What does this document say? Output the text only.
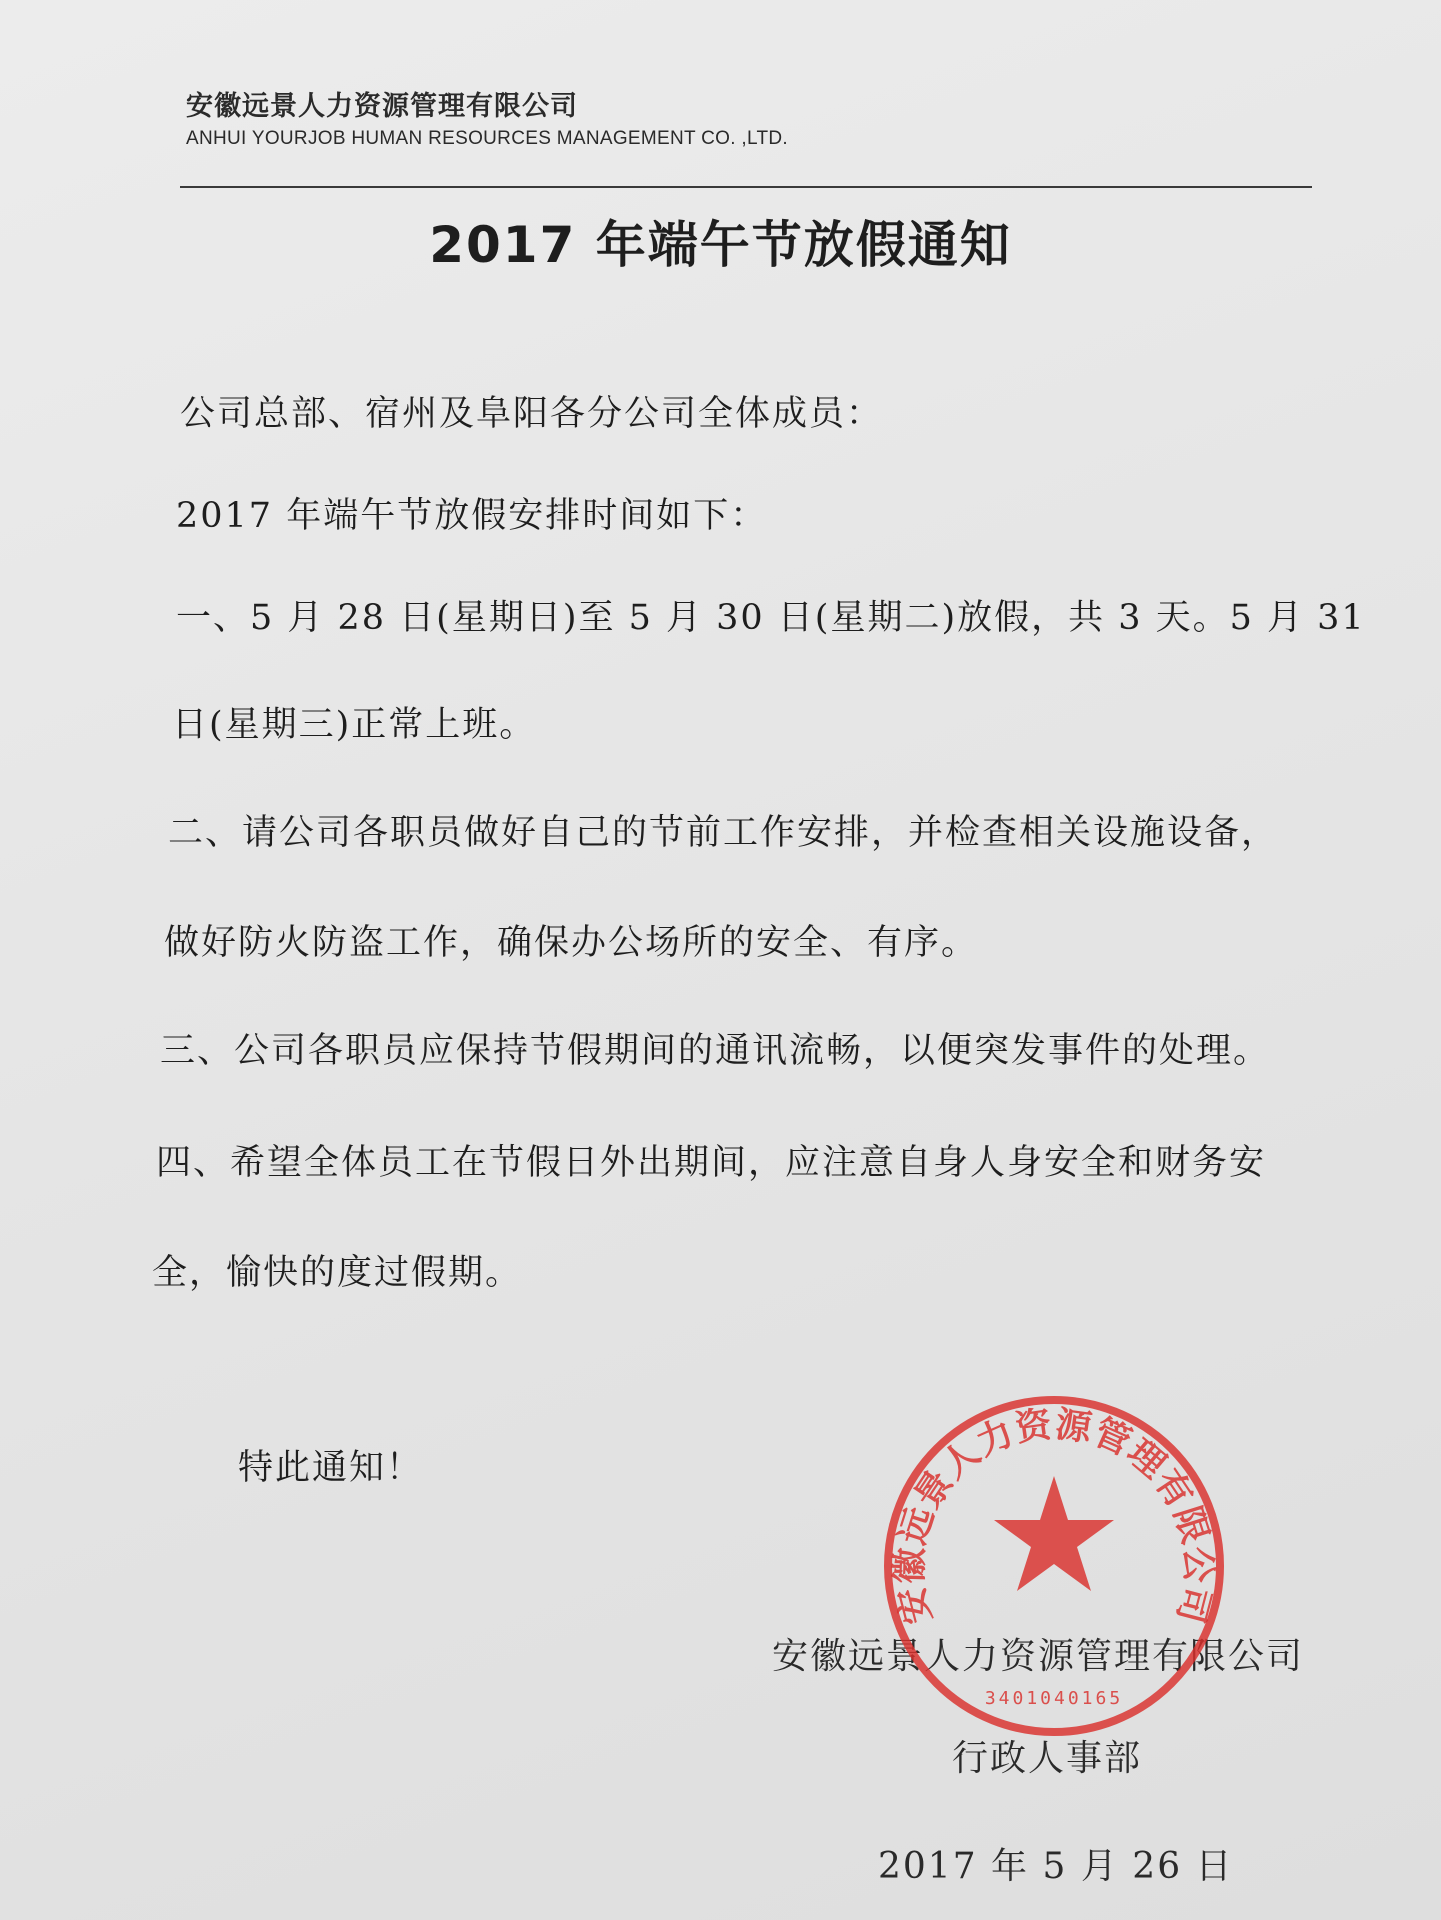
安徽远景人力资源管理有限公司
ANHUI YOURJOB HUMAN RESOURCES MANAGEMENT CO. ,LTD.
2017 年端午节放假通知
公司总部、宿州及阜阳各分公司全体成员：
2017 年端午节放假安排时间如下：
一、5 月 28 日(星期日)至 5 月 30 日(星期二)放假，共 3 天。5 月 31
日(星期三)正常上班。
二、请公司各职员做好自己的节前工作安排，并检查相关设施设备，
做好防火防盗工作，确保办公场所的安全、有序。
三、公司各职员应保持节假期间的通讯流畅，以便突发事件的处理。
四、希望全体员工在节假日外出期间，应注意自身人身安全和财务安
全，愉快的度过假期。
特此通知！
安徽远景人力资源管理有限公司
行政人事部
2017 年 5 月 26 日
安徽远景人力资源管理有限公司
3401040165
